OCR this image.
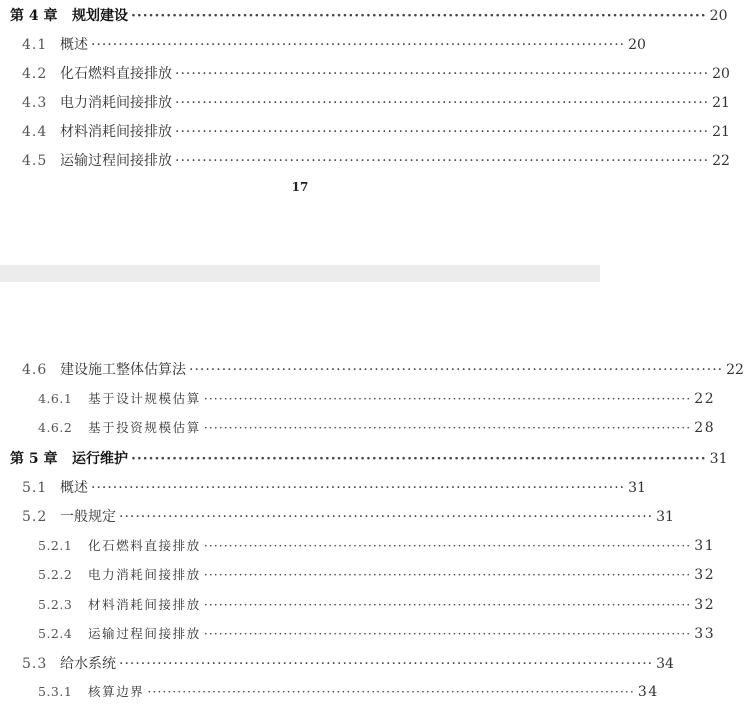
第 4 章	规划建设 ·································································································· 20
4.1 概述 ·································································································· 20
4.2 化石燃料直接排放 ·································································································· 20
4.3 电力消耗间接排放 ·································································································· 21
4.4 材料消耗间接排放 ·································································································· 21
4.5 运输过程间接排放 ·································································································· 22
17
4.6 建设施工整体估算法 ·································································································· 22
4.6.1	基于设计规模估算 ·································································································· 22
4.6.2	基于投资规模估算 ·································································································· 28
第 5 章	运行维护 ·································································································· 31
5.1 概述 ·································································································· 31
5.2 一般规定 ·································································································· 31
5.2.1	化石燃料直接排放 ·································································································· 31
5.2.2	电力消耗间接排放 ·································································································· 32
5.2.3	材料消耗间接排放 ·································································································· 32
5.2.4	运输过程间接排放 ·································································································· 33
5.3 给水系统 ·································································································· 34
5.3.1	核算边界 ·································································································· 34
